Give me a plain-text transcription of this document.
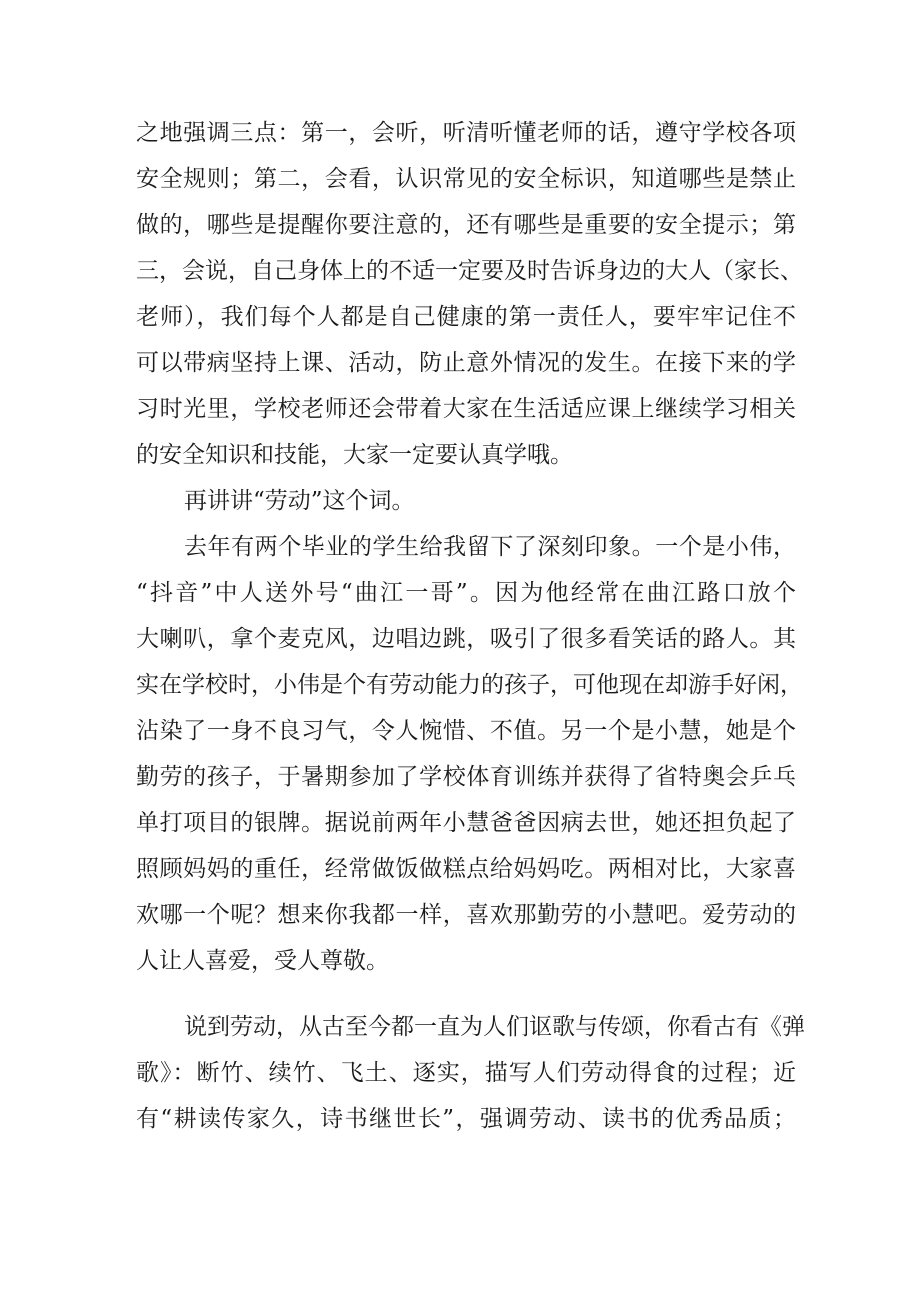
之地强调三点：第一，会听，听清听懂老师的话，遵守学校各项
安全规则；第二，会看，认识常见的安全标识，知道哪些是禁止
做的，哪些是提醒你要注意的，还有哪些是重要的安全提示；第
三，会说，自己身体上的不适一定要及时告诉身边的大人（家长、
老师），我们每个人都是自己健康的第一责任人，要牢牢记住不
可以带病坚持上课、活动，防止意外情况的发生。在接下来的学
习时光里，学校老师还会带着大家在生活适应课上继续学习相关
的安全知识和技能，大家一定要认真学哦。
再讲讲“劳动”这个词。
去年有两个毕业的学生给我留下了深刻印象。一个是小伟，
“抖音”中人送外号“曲江一哥”。因为他经常在曲江路口放个
大喇叭，拿个麦克风，边唱边跳，吸引了很多看笑话的路人。其
实在学校时，小伟是个有劳动能力的孩子，可他现在却游手好闲，
沾染了一身不良习气，令人惋惜、不值。另一个是小慧，她是个
勤劳的孩子，于暑期参加了学校体育训练并获得了省特奥会乒乓
单打项目的银牌。据说前两年小慧爸爸因病去世，她还担负起了
照顾妈妈的重任，经常做饭做糕点给妈妈吃。两相对比，大家喜
欢哪一个呢？想来你我都一样，喜欢那勤劳的小慧吧。爱劳动的
人让人喜爱，受人尊敬。
说到劳动，从古至今都一直为人们讴歌与传颂，你看古有《弹
歌》：断竹、续竹、飞土、逐实，描写人们劳动得食的过程；近
有“耕读传家久，诗书继世长”，强调劳动、读书的优秀品质；
